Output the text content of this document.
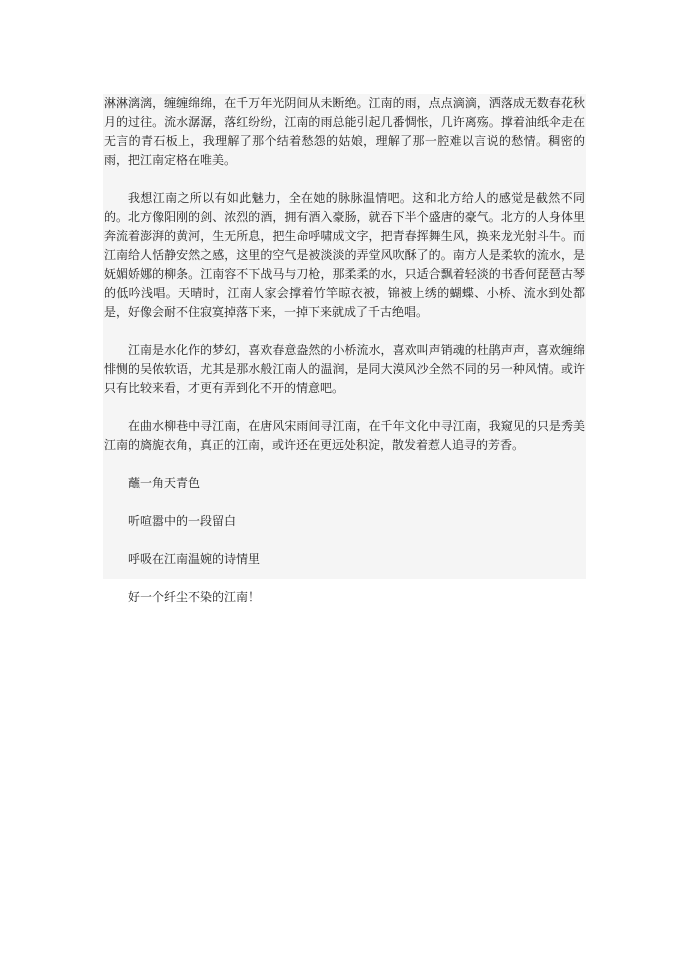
淋淋漓漓，缠缠绵绵，在千万年光阴间从未断绝。江南的雨，点点滴滴，洒落成无数春花秋月的过往。流水潺潺，落红纷纷，江南的雨总能引起几番惆怅，几许离殇。撑着油纸伞走在无言的青石板上，我理解了那个结着愁怨的姑娘，理解了那一腔难以言说的愁情。稠密的雨，把江南定格在唯美。

我想江南之所以有如此魅力，全在她的脉脉温情吧。这和北方给人的感觉是截然不同的。北方像阳刚的剑、浓烈的酒，拥有酒入豪肠，就吞下半个盛唐的豪气。北方的人身体里奔流着澎湃的黄河，生无所息，把生命呼啸成文字，把青春挥舞生风，换来龙光射斗牛。而江南给人恬静安然之感，这里的空气是被淡淡的弄堂风吹酥了的。南方人是柔软的流水，是妩媚娇娜的柳条。江南容不下战马与刀枪，那柔柔的水，只适合飘着轻淡的书香何琵琶古琴的低吟浅唱。天晴时，江南人家会撑着竹竿晾衣被，锦被上绣的蝴蝶、小桥、流水到处都是，好像会耐不住寂寞掉落下来，一掉下来就成了千古绝唱。

江南是水化作的梦幻，喜欢春意盎然的小桥流水，喜欢叫声销魂的杜鹃声声，喜欢缠绵悱恻的吴侬软语，尤其是那水般江南人的温润，是同大漠风沙全然不同的另一种风情。或许只有比较来看，才更有弄到化不开的情意吧。

在曲水柳巷中寻江南，在唐风宋雨间寻江南，在千年文化中寻江南，我窥见的只是秀美江南的旖旎衣角，真正的江南，或许还在更远处积淀，散发着惹人追寻的芳香。

蘸一角天青色

听喧嚣中的一段留白

呼吸在江南温婉的诗情里

好一个纤尘不染的江南！
